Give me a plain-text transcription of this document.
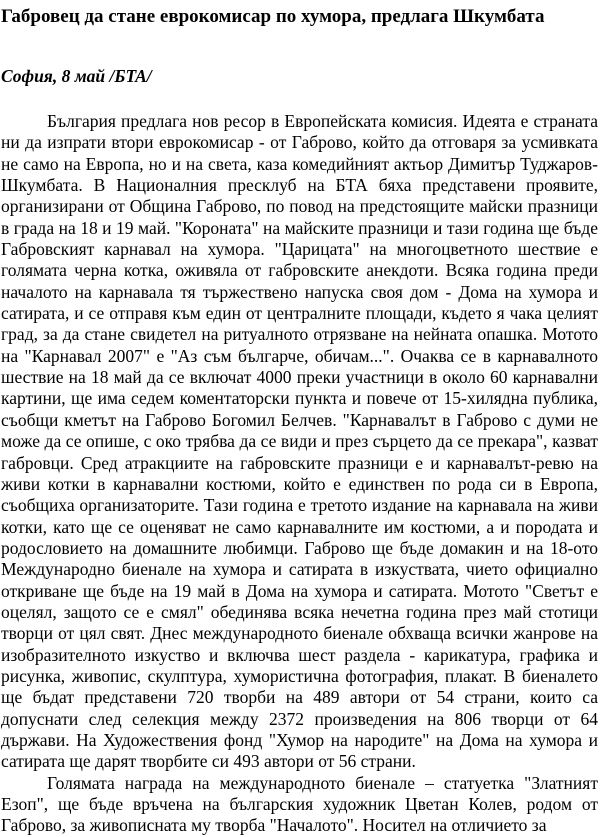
Габровец да стане еврокомисар по хумора, предлага Шкумбата

София, 8 май /БТА/

България предлага нов ресор в Европейската комисия. Идеята е страната ни да изпрати втори еврокомисар - от Габрово, който да отговаря за усмивката не само на Европа, но и на света, каза комедийният актьор Димитър Туджаров-Шкумбата. В Националния пресклуб на БТА бяха представени проявите, организирани от Община Габрово, по повод на предстоящите майски празници в града на 18 и 19 май. "Короната" на майските празници и тази година ще бъде Габровският карнавал на хумора. "Царицата" на многоцветното шествие е голямата черна котка, оживяла от габровските анекдоти. Всяка година преди началото на карнавала тя тържествено напуска своя дом - Дома на хумора и сатирата, и се отправя към един от централните площади, където я чака целият град, за да стане свидетел на ритуалното отрязване на нейната опашка. Мотото на "Карнавал 2007" е "Аз съм българче, обичам...". Очаква се в карнавалното шествие на 18 май да се включат 4000 преки участници в около 60 карнавални картини, ще има седем коментаторски пункта и повече от 15-хилядна публика, съобщи кметът на Габрово Богомил Белчев. "Карнавалът в Габрово с думи не може да се опише, с око трябва да се види и през сърцето да се прекара", казват габровци. Сред атракциите на габровските празници е и карнавалът-ревю на живи котки в карнавални костюми, който е единствен по рода си в Европа, съобщиха организаторите. Тази година е третото издание на карнавала на живи котки, като ще се оценяват не само карнавалните им костюми, а и породата и родословието на домашните любимци. Габрово ще бъде домакин и на 18-ото Международно биенале на хумора и сатирата в изкуствата, чието официално откриване ще бъде на 19 май в Дома на хумора и сатирата. Мотото "Светът е оцелял, защото се е смял" обединява всяка нечетна година през май стотици творци от цял свят. Днес международното биенале обхваща всички жанрове на изобразителното изкуство и включва шест раздела - карикатура, графика и рисунка, живопис, скулптура, хумористична фотография, плакат. В биеналето ще бъдат представени 720 творби на 489 автори от 54 страни, които са допуснати след селекция между 2372 произведения на 806 творци от 64 държави. На Художествения фонд "Хумор на народите" на Дома на хумора и сатирата ще дарят творбите си 493 автори от 56 страни.

Голямата награда на международното биенале – статуетка "Златният Езоп", ще бъде връчена на българския художник Цветан Колев, родом от Габрово, за живописната му творба "Началото". Носител на отличието за
